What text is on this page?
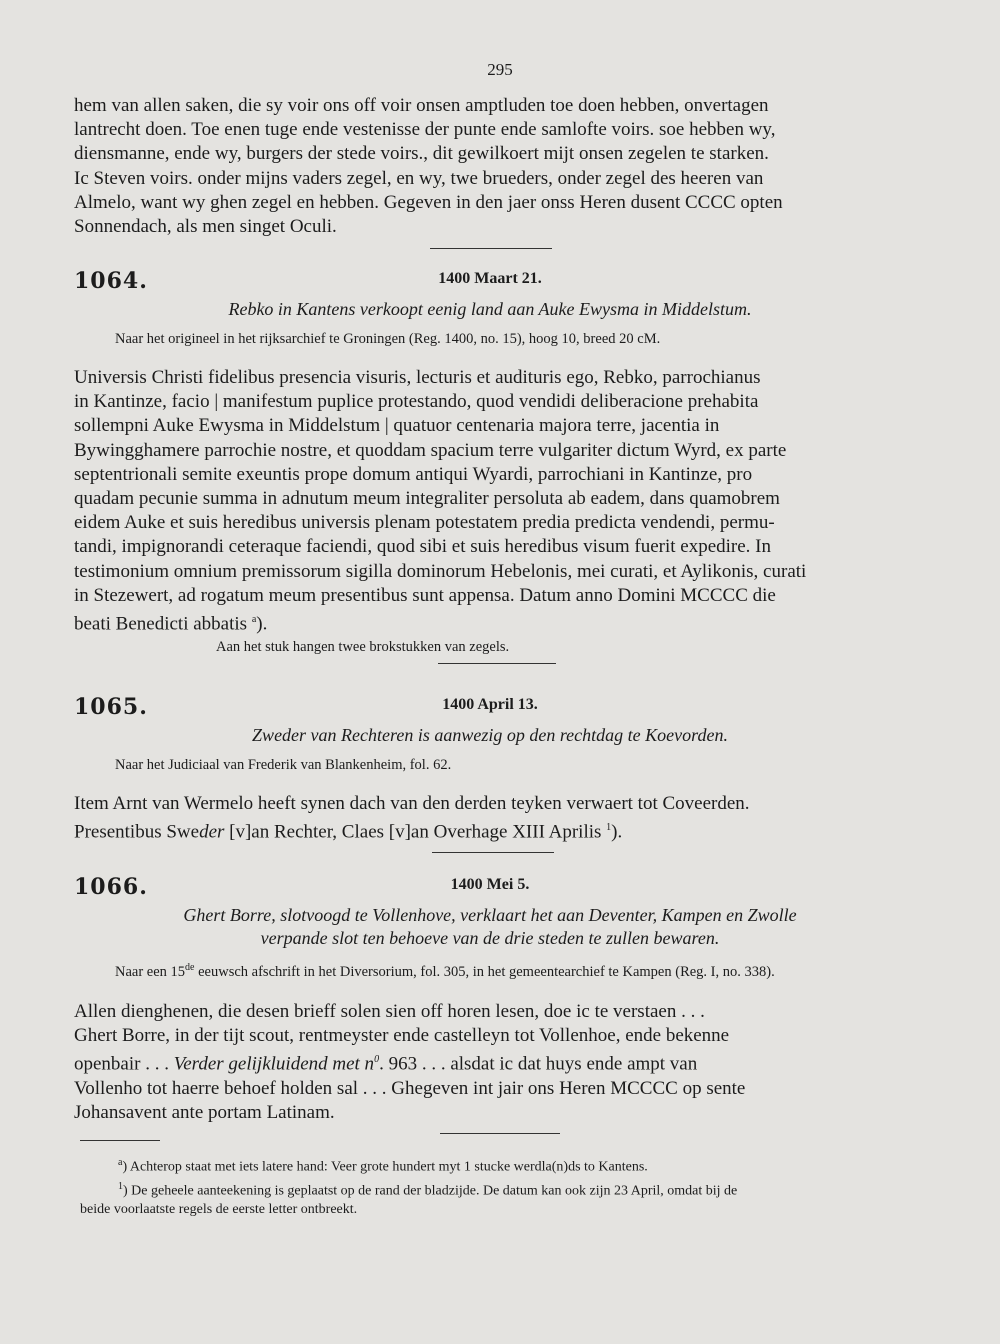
295

hem van allen saken, die sy voir ons off voir onsen amptluden toe doen hebben, onvertagen

lantrecht doen. Toe enen tuge ende vestenisse der punte ende samlofte voirs. soe hebben wy,

diensmanne, ende wy, burgers der stede voirs., dit gewilkoert mijt onsen zegelen te starken.

Ic Steven voirs. onder mijns vaders zegel, en wy, twe brueders, onder zegel des heeren van

Almelo, want wy ghen zegel en hebben. Gegeven in den jaer onss Heren dusent CCCC opten

Sonnendach, als men singet Oculi.

1064.	1400 Maart 21.
Rebko in Kantens verkoopt eenig land aan Auke Ewysma in Middelstum.
Naar het origineel in het rijksarchief te Groningen (Reg. 1400, no. 15), hoog 10, breed 20 cM.

Universis Christi fidelibus presencia visuris, lecturis et audituris ego, Rebko, parrochianus

in Kantinze, facio | manifestum puplice protestando, quod vendidi deliberacione prehabita

sollempni Auke Ewysma in Middelstum | quatuor centenaria majora terre, jacentia in

Bywingghamere parrochie nostre, et quoddam spacium terre vulgariter dictum Wyrd, ex parte

septentrionali semite exeuntis prope domum antiqui Wyardi, parrochiani in Kantinze, pro

quadam pecunie summa in adnutum meum integraliter persoluta ab eadem, dans quamobrem

eidem Auke et suis heredibus universis plenam potestatem predia predicta vendendi, permu-

tandi, impignorandi ceteraque faciendi, quod sibi et suis heredibus visum fuerit expedire. In

testimonium omnium premissorum sigilla dominorum Hebelonis, mei curati, et Aylikonis, curati

in Stezewert, ad rogatum meum presentibus sunt appensa. Datum anno Domini MCCCC die

beati Benedicti abbatis $^a$).

Aan het stuk hangen twee brokstukken van zegels.
1065.	1400 April 13.
Zweder van Rechteren is aanwezig op den rechtdag te Koevorden.
Naar het Judiciaal van Frederik van Blankenheim, fol. 62.

Item Arnt van Wermelo heeft synen dach van den derden teyken verwaert tot Coveerden.

Presentibus Sweder [v]an Rechter, Claes [v]an Overhage XIII Aprilis $^1$).

1066.	1400 Mei 5.
Ghert Borre, slotvoogd te Vollenhove, verklaart het aan Deventer, Kampen en Zwolle
verpande slot ten behoeve van de drie steden te zullen bewaren.
Naar een 15de eeuwsch afschrift in het Diversorium, fol. 305, in het gemeentearchief te Kampen (Reg. I, no. 338).

Allen dienghenen, die desen brieff solen sien off horen lesen, doe ic te verstaen . . .

Ghert Borre, in der tijt scout, rentmeyster ende castelleyn tot Vollenhoe, ende bekenne

openbair . . . Verder gelijkluidend met $n^0$. 963 . . . alsdat ic dat huys ende ampt van

Vollenho tot haerre behoef holden sal . . . Ghegeven int jair ons Heren MCCCC op sente

Johansavent ante portam Latinam.

$^a$) Achterop staat met iets latere hand: Veer grote hundert myt 1 stucke werdla(n)ds to Kantens.

$^1$) De geheele aanteekening is geplaatst op de rand der bladzijde. De datum kan ook zijn 23 April, omdat bij de

beide voorlaatste regels de eerste letter ontbreekt.
